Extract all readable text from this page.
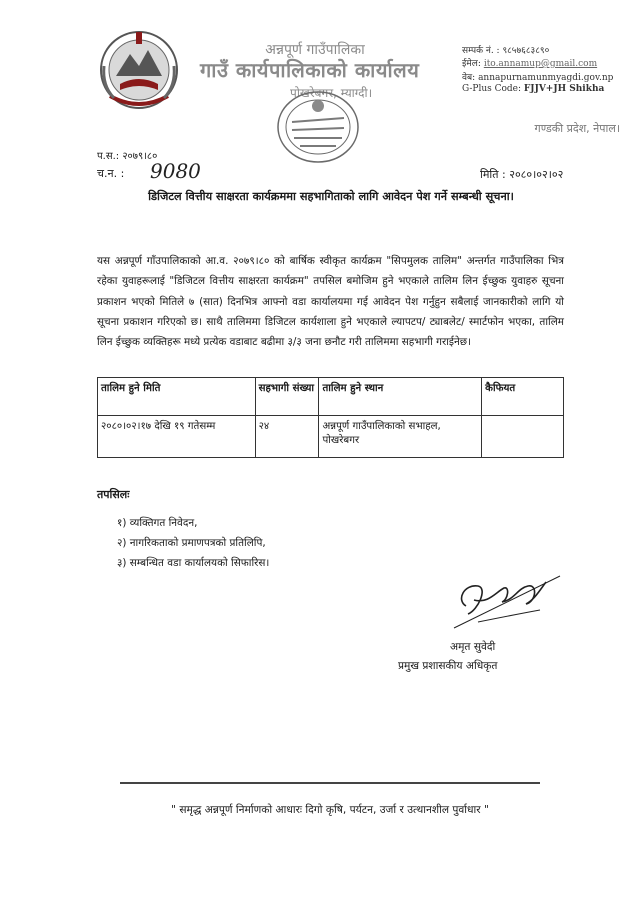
अन्नपूर्ण गाउँपालिका
गाउँ कार्यपालिकाको कार्यालय
पोखरेबगर, म्याग्दी।
सम्पर्क नं. : ९८५७६८३८९०
ईमेल: ito.annamup@gmail.com
वेब: annapurnamunmyagdi.gov.np
G-Plus Code: FJJV+JH Shikha
गण्डकी प्रदेश, नेपाल।
प.स.: २०७९।८०
च.न. : 9080	मिति : २०८०।०२।०२
डिजिटल वित्तीय साक्षरता कार्यक्रममा सहभागिताको लागि आवेदन पेश गर्ने सम्बन्धी सूचना।
यस अन्नपूर्ण गाँउपालिकाको आ.व. २०७९।८० को बार्षिक स्वीकृत कार्यक्रम "सिपमुलक तालिम" अन्तर्गत गाउँपालिका भित्र रहेका युवाहरूलाई "डिजिटल वित्तीय साक्षरता कार्यक्रम" तपसिल बमोजिम हुने भएकाले तालिम लिन ईच्छुक युवाहरु सूचना प्रकाशन भएको मितिले ७ (सात) दिनभित्र आफ्नो वडा कार्यालयमा गई आवेदन पेश गर्नुहुन सबैलाई जानकारीको लागि यो सूचना प्रकाशन गरिएको छ। साथै तालिममा डिजिटल कार्यशाला हुने भएकाले ल्यापटप/ ट्याबलेट/ स्मार्टफोन भएका, तालिम लिन ईच्छुक व्यक्तिहरू मध्ये प्रत्येक वडाबाट बढीमा ३/३ जना छनौट गरी तालिममा सहभागी गराईनेछ।
तालिम हुने मिति	सहभागी संख्या	तालिम हुने स्थान	कैफियत
२०८०।०२।१७ देखि १९ गतेसम्म	२४	अन्नपूर्ण गाउँपालिकाको सभाहल, पोखरेबगर	
तपसिलः
१) व्यक्तिगत निवेदन,
२) नागरिकताको प्रमाणपत्रको प्रतिलिपि,
३) सम्बन्धित वडा कार्यालयको सिफारिस।
अमृत सुवेदी
प्रमुख प्रशासकीय अधिकृत
" समृद्ध अन्नपूर्ण निर्माणको आधारः दिगो कृषि, पर्यटन, उर्जा र उत्थानशील पुर्वाधार "
